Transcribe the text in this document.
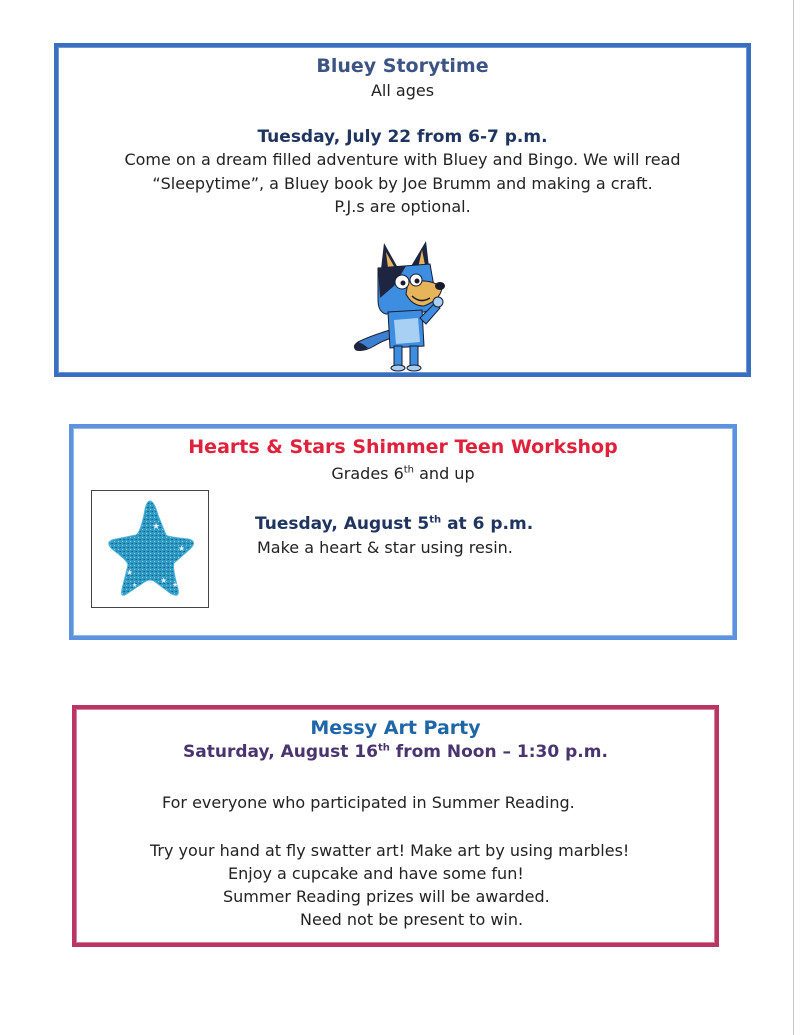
Bluey Storytime
All ages
Tuesday, July 22 from 6-7 p.m.
Come on a dream filled adventure with Bluey and Bingo. We will read
“Sleepytime”, a Bluey book by Joe Brumm and making a craft.
P.J.s are optional.
Hearts & Stars Shimmer Teen Workshop
Grades 6th and up
Tuesday, August 5th at 6 p.m.
Make a heart & star using resin.
★
★
★
★ ★
★
Messy Art Party
Saturday, August 16th from Noon – 1:30 p.m.
For everyone who participated in Summer Reading.
Try your hand at fly swatter art! Make art by using marbles!
Enjoy a cupcake and have some fun!
Summer Reading prizes will be awarded.
Need not be present to win.
